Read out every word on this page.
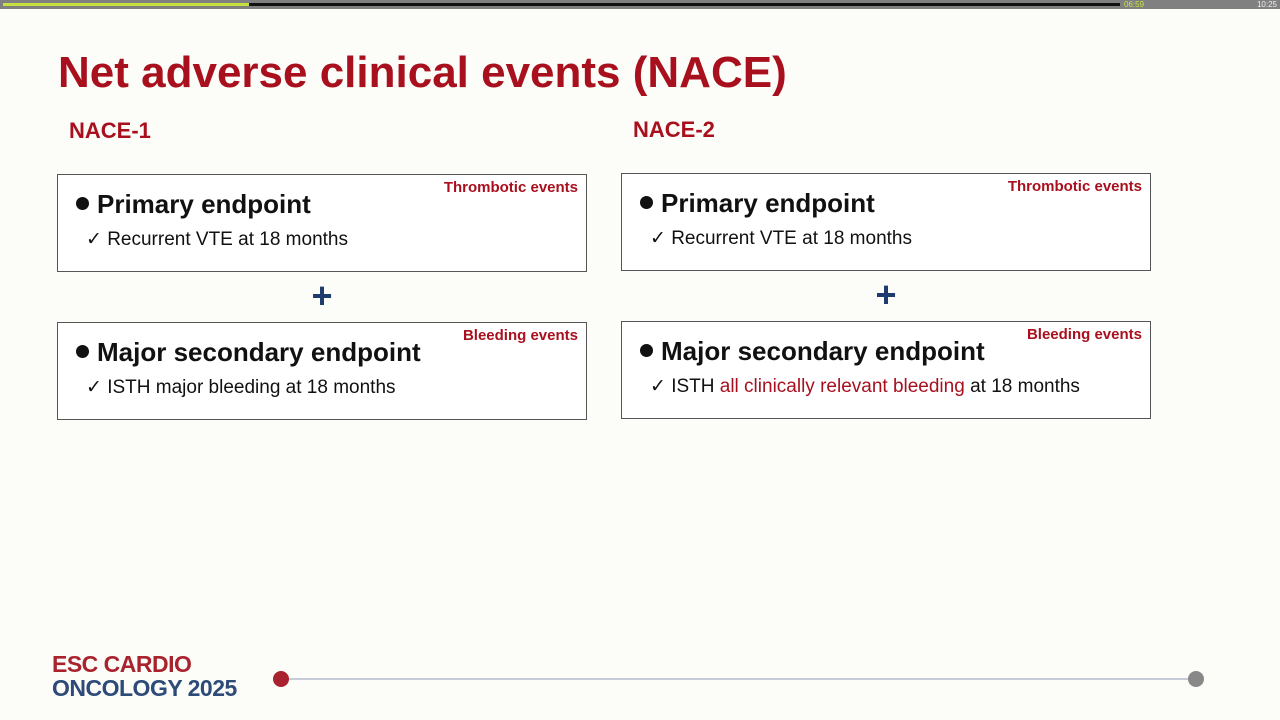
06:59	10:25
Net adverse clinical events (NACE)
NACE-1
Thrombotic events
Primary endpoint
✓ Recurrent VTE at 18 months
+
Bleeding events
Major secondary endpoint
✓ ISTH major bleeding at 18 months
NACE-2
Thrombotic events
Primary endpoint
✓ Recurrent VTE at 18 months
+
Bleeding events
Major secondary endpoint
✓ ISTH all clinically relevant bleeding at 18 months
ESC CARDIO
ONCOLOGY 2025
